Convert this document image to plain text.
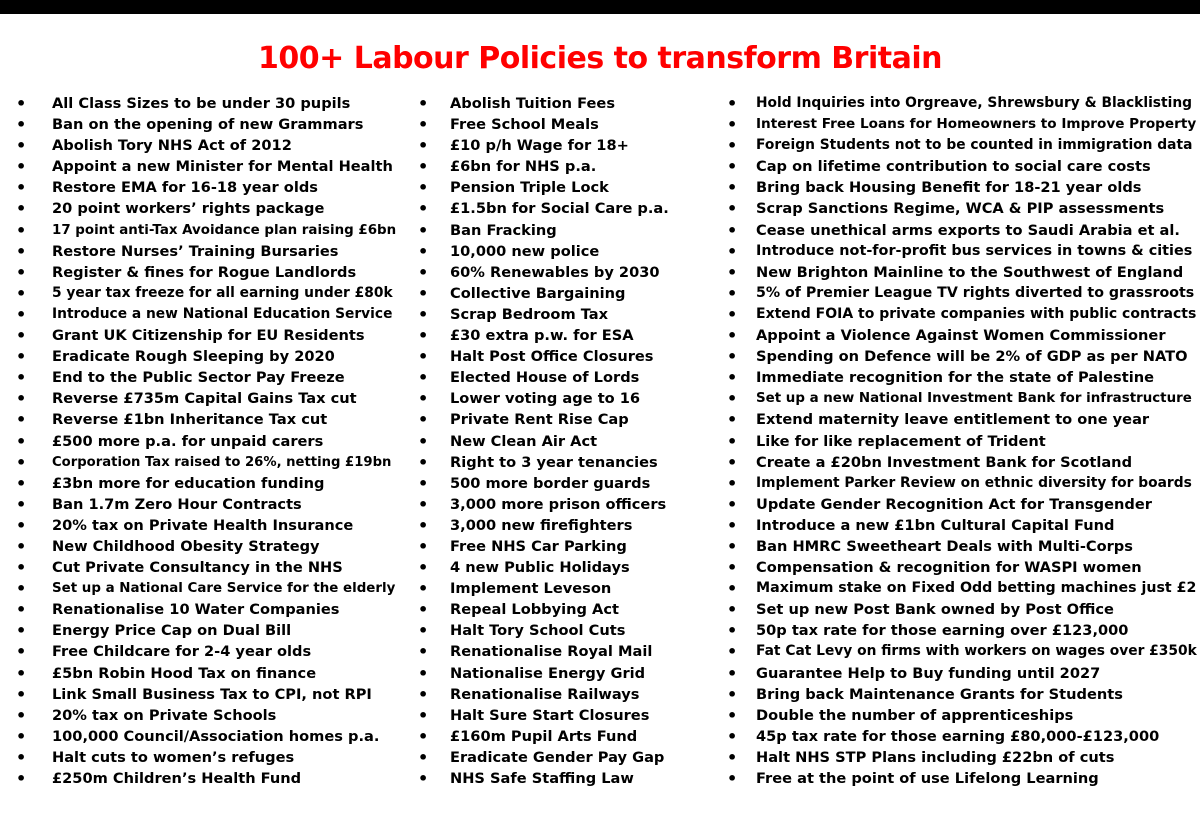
100+ Labour Policies to transform Britain
• All Class Sizes to be under 30 pupils
• Ban on the opening of new Grammars
• Abolish Tory NHS Act of 2012
• Appoint a new Minister for Mental Health
• Restore EMA for 16-18 year olds
• 20 point workers’ rights package
• 17 point anti-Tax Avoidance plan raising £6bn
• Restore Nurses’ Training Bursaries
• Register & fines for Rogue Landlords
• 5 year tax freeze for all earning under £80k
• Introduce a new National Education Service
• Grant UK Citizenship for EU Residents
• Eradicate Rough Sleeping by 2020
• End to the Public Sector Pay Freeze
• Reverse £735m Capital Gains Tax cut
• Reverse £1bn Inheritance Tax cut
• £500 more p.a. for unpaid carers
• Corporation Tax raised to 26%, netting £19bn
• £3bn more for education funding
• Ban 1.7m Zero Hour Contracts
• 20% tax on Private Health Insurance
• New Childhood Obesity Strategy
• Cut Private Consultancy in the NHS
• Set up a National Care Service for the elderly
• Renationalise 10 Water Companies
• Energy Price Cap on Dual Bill
• Free Childcare for 2-4 year olds
• £5bn Robin Hood Tax on finance
• Link Small Business Tax to CPI, not RPI
• 20% tax on Private Schools
• 100,000 Council/Association homes p.a.
• Halt cuts to women’s refuges
• £250m Children’s Health Fund
• Abolish Tuition Fees
• Free School Meals
• £10 p/h Wage for 18+
• £6bn for NHS p.a.
• Pension Triple Lock
• £1.5bn for Social Care p.a.
• Ban Fracking
• 10,000 new police
• 60% Renewables by 2030
• Collective Bargaining
• Scrap Bedroom Tax
• £30 extra p.w. for ESA
• Halt Post Office Closures
• Elected House of Lords
• Lower voting age to 16
• Private Rent Rise Cap
• New Clean Air Act
• Right to 3 year tenancies
• 500 more border guards
• 3,000 more prison officers
• 3,000 new firefighters
• Free NHS Car Parking
• 4 new Public Holidays
• Implement Leveson
• Repeal Lobbying Act
• Halt Tory School Cuts
• Renationalise Royal Mail
• Nationalise Energy Grid
• Renationalise Railways
• Halt Sure Start Closures
• £160m Pupil Arts Fund
• Eradicate Gender Pay Gap
• NHS Safe Staffing Law
• Hold Inquiries into Orgreave, Shrewsbury & Blacklisting
• Interest Free Loans for Homeowners to Improve Property
• Foreign Students not to be counted in immigration data
• Cap on lifetime contribution to social care costs
• Bring back Housing Benefit for 18-21 year olds
• Scrap Sanctions Regime, WCA & PIP assessments
• Cease unethical arms exports to Saudi Arabia et al.
• Introduce not-for-profit bus services in towns & cities
• New Brighton Mainline to the Southwest of England
• 5% of Premier League TV rights diverted to grassroots
• Extend FOIA to private companies with public contracts
• Appoint a Violence Against Women Commissioner
• Spending on Defence will be 2% of GDP as per NATO
• Immediate recognition for the state of Palestine
• Set up a new National Investment Bank for infrastructure
• Extend maternity leave entitlement to one year
• Like for like replacement of Trident
• Create a £20bn Investment Bank for Scotland
• Implement Parker Review on ethnic diversity for boards
• Update Gender Recognition Act for Transgender
• Introduce a new £1bn Cultural Capital Fund
• Ban HMRC Sweetheart Deals with Multi-Corps
• Compensation & recognition for WASPI women
• Maximum stake on Fixed Odd betting machines just £2
• Set up new Post Bank owned by Post Office
• 50p tax rate for those earning over £123,000
• Fat Cat Levy on firms with workers on wages over £350k
• Guarantee Help to Buy funding until 2027
• Bring back Maintenance Grants for Students
• Double the number of apprenticeships
• 45p tax rate for those earning £80,000-£123,000
• Halt NHS STP Plans including £22bn of cuts
• Free at the point of use Lifelong Learning
